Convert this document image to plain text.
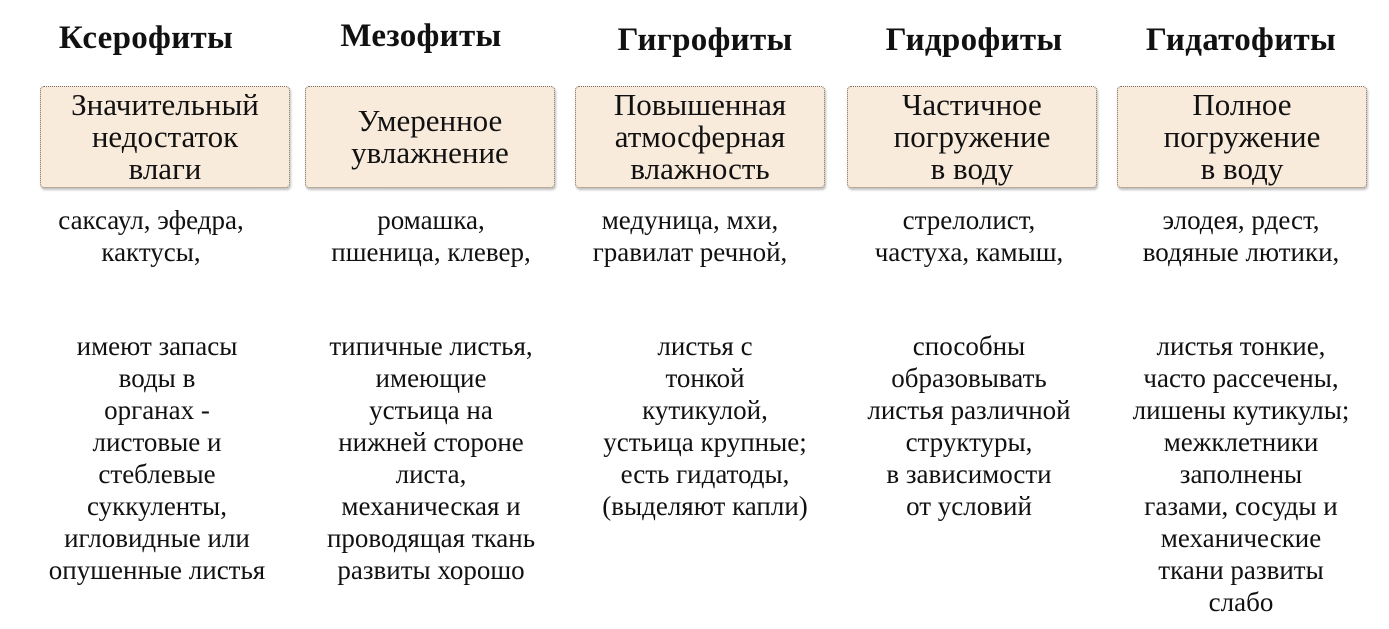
Ксерофиты
Значительный
недостаток
влаги
саксаул, эфедра,
кактусы,
имеют запасы
воды в
органах -
листовые и
стеблевые
суккуленты,
игловидные или
опушенные листья
Мезофиты
Умеренное
увлажнение
ромашка,
пшеница, клевер,
типичные листья,
имеющие
устьица на
нижней стороне
листа,
механическая и
проводящая ткань
развиты хорошо
Гигрофиты
Повышенная
атмосферная
влажность
медуница, мхи,
гравилат речной,
листья с
тонкой
кутикулой,
устьица крупные;
есть гидатоды,
(выделяют капли)
Гидрофиты
Частичное
погружение
в воду
стрелолист,
частуха, камыш,
способны
образовывать
листья различной
структуры,
в зависимости
от условий
Гидатофиты
Полное
погружение
в воду
элодея, рдест,
водяные лютики,
листья тонкие,
часто рассечены,
лишены кутикулы;
межклетники
заполнены
газами, сосуды и
механические
ткани развиты
слабо
